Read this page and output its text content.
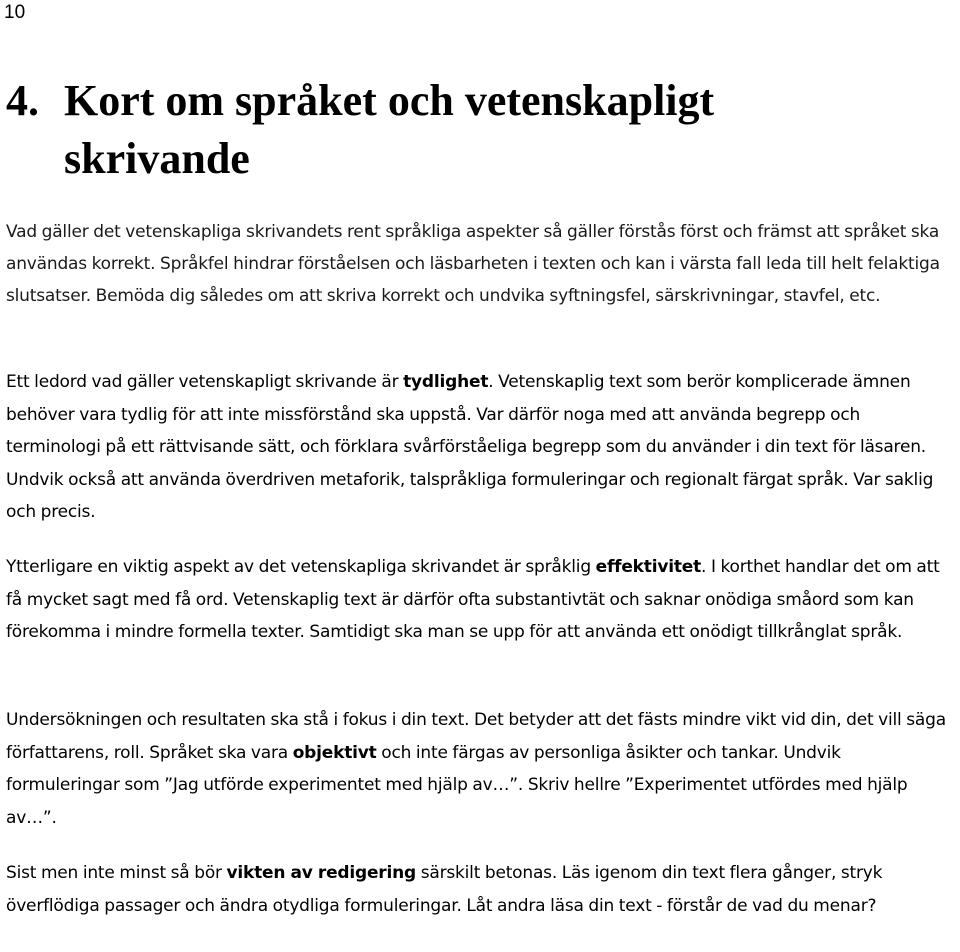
10
4. Kort om språket och vetenskapligt skrivande

Vad gäller det vetenskapliga skrivandets rent språkliga aspekter så gäller förstås först och främst att språket ska användas korrekt. Språkfel hindrar förståelsen och läsbarheten i texten och kan i värsta fall leda till helt felaktiga slutsatser. Bemöda dig således om att skriva korrekt och undvika syftningsfel, särskrivningar, stavfel, etc.

Ett ledord vad gäller vetenskapligt skrivande är tydlighet. Vetenskaplig text som berör komplicerade ämnen behöver vara tydlig för att inte missförstånd ska uppstå. Var därför noga med att använda begrepp och terminologi på ett rättvisande sätt, och förklara svårförståeliga begrepp som du använder i din text för läsaren. Undvik också att använda överdriven metaforik, talspråkliga formuleringar och regionalt färgat språk. Var saklig och precis.

Ytterligare en viktig aspekt av det vetenskapliga skrivandet är språklig effektivitet. I korthet handlar det om att få mycket sagt med få ord. Vetenskaplig text är därför ofta substantivtät och saknar onödiga småord som kan förekomma i mindre formella texter. Samtidigt ska man se upp för att använda ett onödigt tillkrånglat språk.

Undersökningen och resultaten ska stå i fokus i din text. Det betyder att det fästs mindre vikt vid din, det vill säga författarens, roll. Språket ska vara objektivt och inte färgas av personliga åsikter och tankar. Undvik formuleringar som ”Jag utförde experimentet med hjälp av…”. Skriv hellre ”Experimentet utfördes med hjälp av…”.

Sist men inte minst så bör vikten av redigering särskilt betonas. Läs igenom din text flera gånger, stryk överflödiga passager och ändra otydliga formuleringar. Låt andra läsa din text - förstår de vad du menar?
